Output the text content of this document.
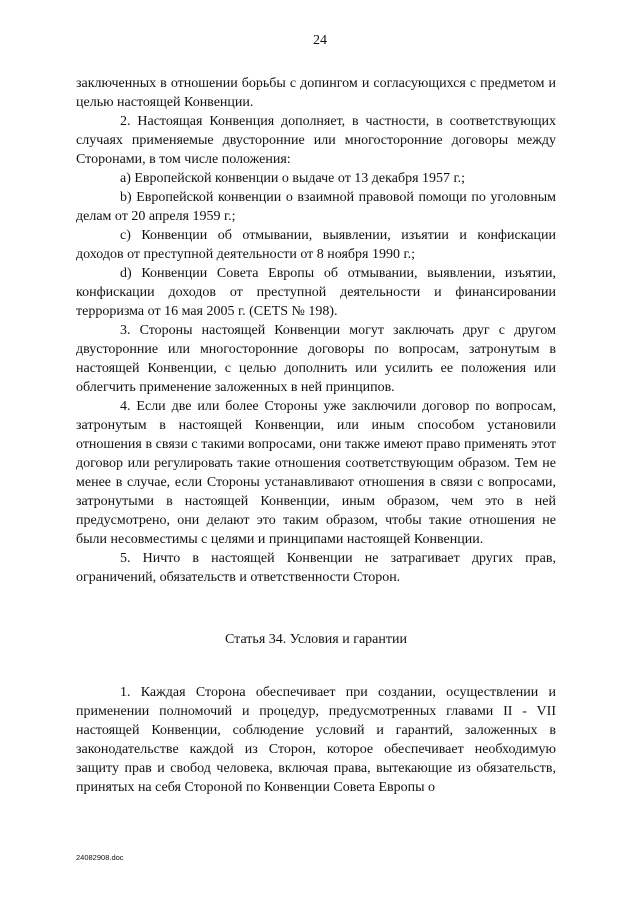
24

заключенных в отношении борьбы с допингом и согласующихся с предметом и целью настоящей Конвенции.

2. Настоящая Конвенция дополняет, в частности, в соответствующих случаях применяемые двусторонние или многосторонние договоры между Сторонами, в том числе положения:

а) Европейской конвенции о выдаче от 13 декабря 1957 г.;

b) Европейской конвенции о взаимной правовой помощи по уголовным делам от 20 апреля 1959 г.;

с) Конвенции об отмывании, выявлении, изъятии и конфискации доходов от преступной деятельности от 8 ноября 1990 г.;

d) Конвенции Совета Европы об отмывании, выявлении, изъятии, конфискации доходов от преступной деятельности и финансировании терроризма от 16 мая 2005 г. (CETS № 198).

3. Стороны настоящей Конвенции могут заключать друг с другом двусторонние или многосторонние договоры по вопросам, затронутым в настоящей Конвенции, с целью дополнить или усилить ее положения или облегчить применение заложенных в ней принципов.

4. Если две или более Стороны уже заключили договор по вопросам, затронутым в настоящей Конвенции, или иным способом установили отношения в связи с такими вопросами, они также имеют право применять этот договор или регулировать такие отношения соответствующим образом. Тем не менее в случае, если Стороны устанавливают отношения в связи с вопросами, затронутыми в настоящей Конвенции, иным образом, чем это в ней предусмотрено, они делают это таким образом, чтобы такие отношения не были несовместимы с целями и принципами настоящей Конвенции.

5. Ничто в настоящей Конвенции не затрагивает других прав, ограничений, обязательств и ответственности Сторон.

Статья 34. Условия и гарантии

1. Каждая Сторона обеспечивает при создании, осуществлении и применении полномочий и процедур, предусмотренных главами II - VII настоящей Конвенции, соблюдение условий и гарантий, заложенных в законодательстве каждой из Сторон, которое обеспечивает необходимую защиту прав и свобод человека, включая права, вытекающие из обязательств, принятых на себя Стороной по Конвенции Совета Европы о

24082908.doc
